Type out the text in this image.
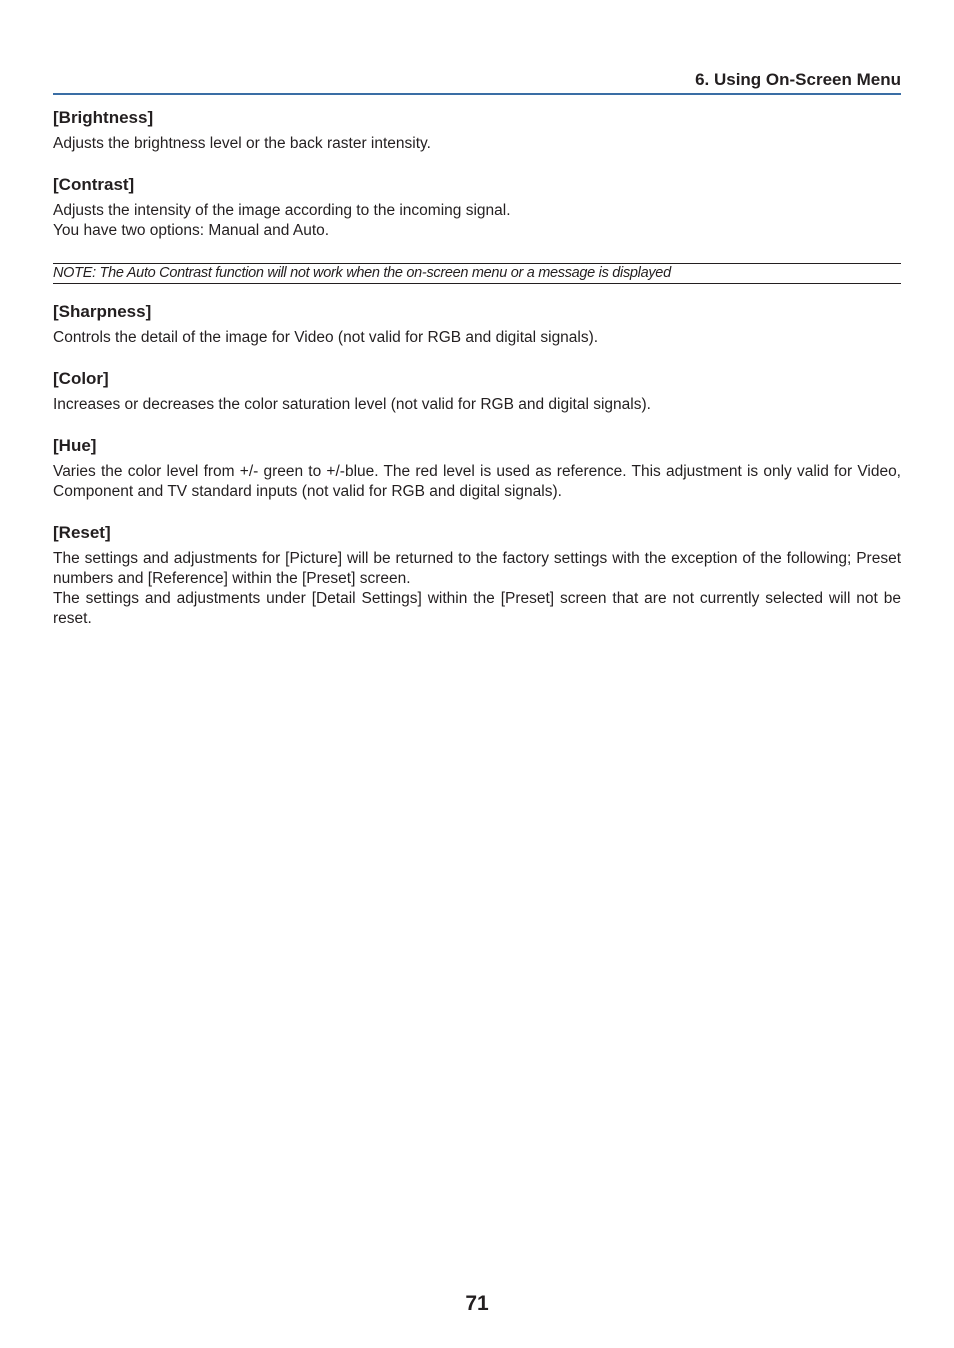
6. Using On-Screen Menu
[Brightness]

Adjusts the brightness level or the back raster intensity.

[Contrast]

Adjusts the intensity of the image according to the incoming signal.

You have two options: Manual and Auto.

NOTE: The Auto Contrast function will not work when the on-screen menu or a message is displayed
[Sharpness]

Controls the detail of the image for Video (not valid for RGB and digital signals).

[Color]

Increases or decreases the color saturation level (not valid for RGB and digital signals).

[Hue]

Varies the color level from +/- green to +/-blue. The red level is used as reference. This adjustment is only valid for Video, Component and TV standard inputs (not valid for RGB and digital signals).

[Reset]

The settings and adjustments for [Picture] will be returned to the factory settings with the exception of the following; Preset numbers and [Reference] within the [Preset] screen.

The settings and adjustments under [Detail Settings] within the [Preset] screen that are not currently selected will not be reset.

71
